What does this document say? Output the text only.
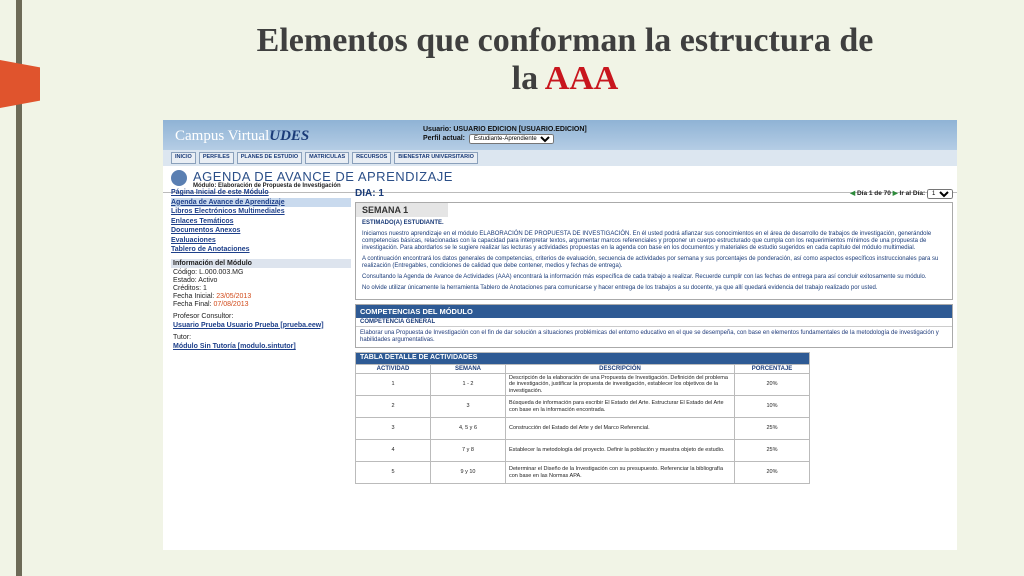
Elementos que conforman la estructura de
la AAA
Campus VirtualUDES	Usuario: USUARIO EDICION [USUARIO.EDICION]
Perfil actual:
Estudiante-Aprendiente
INICIO	PERFILES	PLANES DE ESTUDIO	MATRICULAS	RECURSOS	BIENESTAR UNIVERSITARIO
AGENDA DE AVANCE DE APRENDIZAJE
Módulo: Elaboración de Propuesta de Investigación
Página Inicial de este Módulo
Agenda de Avance de Aprendizaje
Libros Electrónicos Multimediales
Enlaces Temáticos
Documentos Anexos
Evaluaciones
Tablero de Anotaciones
Información del Módulo
Código: L.000.003.MG
Estado: Activo
Créditos: 1
Fecha Inicial: 23/05/2013
Fecha Final: 07/08/2013
Profesor Consultor:
Usuario Prueba Usuario Prueba [prueba.eew]
Tutor:
Módulo Sin Tutoría [modulo.sintutor]
DIA: 1	◀ Día 1 de 70 ▶ Ir al Día:
1
SEMANA 1

ESTIMADO(A) ESTUDIANTE.

Iniciamos nuestro aprendizaje en el módulo ELABORACIÓN DE PROPUESTA DE INVESTIGACIÓN. En él usted podrá afianzar sus conocimientos en el área de desarrollo de trabajos de investigación, generándole competencias básicas, relacionadas con la capacidad para interpretar textos, argumentar marcos referenciales y proponer un cuerpo estructurado que cumpla con los requerimientos mínimos de una propuesta de investigación. Para abordarlos se le sugiere realizar las lecturas y actividades propuestas en la agenda con base en los documentos y materiales de estudio sugeridos en cada capítulo del módulo multimedial.

A continuación encontrará los datos generales de competencias, criterios de evaluación, secuencia de actividades por semana y sus porcentajes de ponderación, así como aspectos específicos instruccionales para su realización (Entregables, condiciones de calidad que debe contener, medios y fechas de entrega).

Consultando la Agenda de Avance de Actividades (AAA) encontrará la información más específica de cada trabajo a realizar. Recuerde cumplir con las fechas de entrega para así concluir exitosamente su módulo.

No olvide utilizar únicamente la herramienta Tablero de Anotaciones para comunicarse y hacer entrega de los trabajos a su docente, ya que allí quedará evidencia del trabajo realizado por usted.

COMPETENCIAS DEL MÓDULO
COMPETENCIA GENERAL
Elaborar una Propuesta de Investigación con el fin de dar solución a situaciones problémicas del entorno educativo en el que se desempeña, con base en elementos fundamentales de la metodología de investigación y habilidades argumentativas.
TABLA DETALLE DE ACTIVIDADES			
ACTIVIDAD	SEMANA	DESCRIPCIÓN	PORCENTAJE
1	1 - 2	Descripción de la elaboración de una Propuesta de Investigación. Definición del problema de investigación, justificar la propuesta de investigación, establecer los objetivos de la investigación.	20%
2	3	Búsqueda de información para escribir El Estado del Arte. Estructurar El Estado del Arte con base en la información encontrada.	10%
3	4, 5 y 6	Construcción del Estado del Arte y del Marco Referencial.	25%
4	7 y 8	Establecer la metodología del proyecto. Definir la población y muestra objeto de estudio.	25%
5	9 y 10	Determinar el Diseño de la Investigación con su presupuesto. Referenciar la bibliografía con base en las Normas APA.	20%
